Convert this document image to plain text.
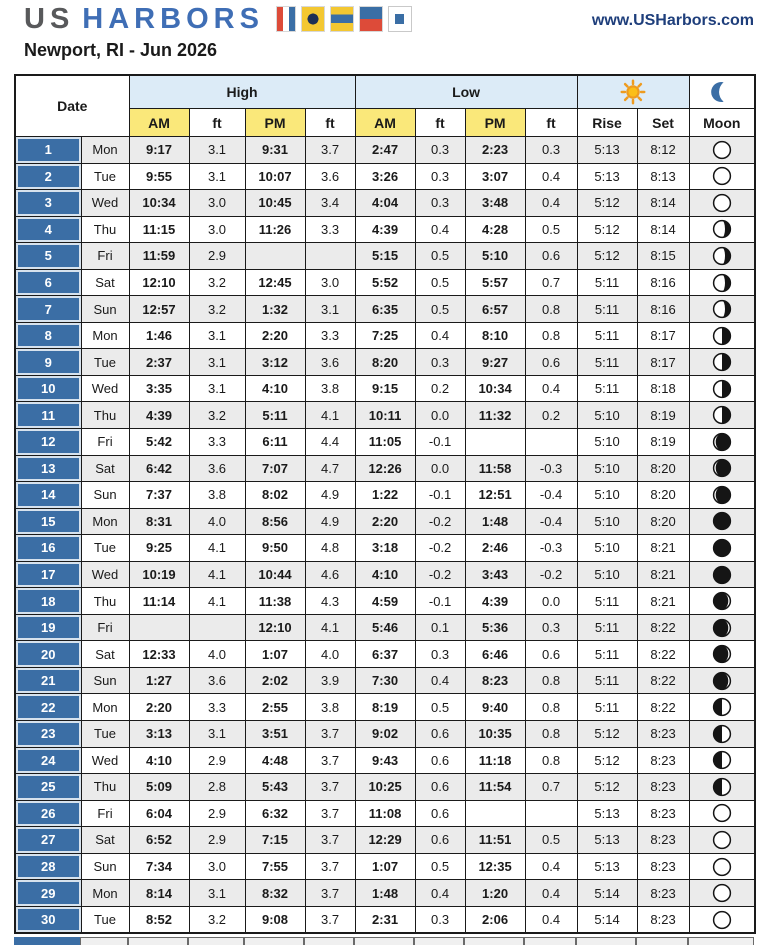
US HARBORS	www.USHarbors.com
Newport, RI - Jun 2026
Date		High				Low	

		AM	ft	PM	ft	AM	ft	PM	ft	Rise	Set	Moon
1	Mon	9:17	3.1	9:31	3.7	2:47	0.3	2:23	0.3	5:13	8:12	

2	Tue	9:55	3.1	10:07	3.6	3:26	0.3	3:07	0.4	5:13	8:13	

3	Wed	10:34	3.0	10:45	3.4	4:04	0.3	3:48	0.4	5:12	8:14	

4	Thu	11:15	3.0	11:26	3.3	4:39	0.4	4:28	0.5	5:12	8:14	

5	Fri	11:59	2.9			5:15	0.5	5:10	0.6	5:12	8:15	

6	Sat	12:10	3.2	12:45	3.0	5:52	0.5	5:57	0.7	5:11	8:16	

7	Sun	12:57	3.2	1:32	3.1	6:35	0.5	6:57	0.8	5:11	8:16	

8	Mon	1:46	3.1	2:20	3.3	7:25	0.4	8:10	0.8	5:11	8:17	

9	Tue	2:37	3.1	3:12	3.6	8:20	0.3	9:27	0.6	5:11	8:17	

10	Wed	3:35	3.1	4:10	3.8	9:15	0.2	10:34	0.4	5:11	8:18	

11	Thu	4:39	3.2	5:11	4.1	10:11	0.0	11:32	0.2	5:10	8:19	

12	Fri	5:42	3.3	6:11	4.4	11:05	-0.1			5:10	8:19	

13	Sat	6:42	3.6	7:07	4.7	12:26	0.0	11:58	-0.3	5:10	8:20	

14	Sun	7:37	3.8	8:02	4.9	1:22	-0.1	12:51	-0.4	5:10	8:20	

15	Mon	8:31	4.0	8:56	4.9	2:20	-0.2	1:48	-0.4	5:10	8:20	

16	Tue	9:25	4.1	9:50	4.8	3:18	-0.2	2:46	-0.3	5:10	8:21	

17	Wed	10:19	4.1	10:44	4.6	4:10	-0.2	3:43	-0.2	5:10	8:21	

18	Thu	11:14	4.1	11:38	4.3	4:59	-0.1	4:39	0.0	5:11	8:21	

19	Fri			12:10	4.1	5:46	0.1	5:36	0.3	5:11	8:22	

20	Sat	12:33	4.0	1:07	4.0	6:37	0.3	6:46	0.6	5:11	8:22	

21	Sun	1:27	3.6	2:02	3.9	7:30	0.4	8:23	0.8	5:11	8:22	

22	Mon	2:20	3.3	2:55	3.8	8:19	0.5	9:40	0.8	5:11	8:22	

23	Tue	3:13	3.1	3:51	3.7	9:02	0.6	10:35	0.8	5:12	8:23	

24	Wed	4:10	2.9	4:48	3.7	9:43	0.6	11:18	0.8	5:12	8:23	

25	Thu	5:09	2.8	5:43	3.7	10:25	0.6	11:54	0.7	5:12	8:23	

26	Fri	6:04	2.9	6:32	3.7	11:08	0.6			5:13	8:23	

27	Sat	6:52	2.9	7:15	3.7	12:29	0.6	11:51	0.5	5:13	8:23	

28	Sun	7:34	3.0	7:55	3.7	1:07	0.5	12:35	0.4	5:13	8:23	

29	Mon	8:14	3.1	8:32	3.7	1:48	0.4	1:20	0.4	5:14	8:23	

30	Tue	8:52	3.2	9:08	3.7	2:31	0.3	2:06	0.4	5:14	8:23	
